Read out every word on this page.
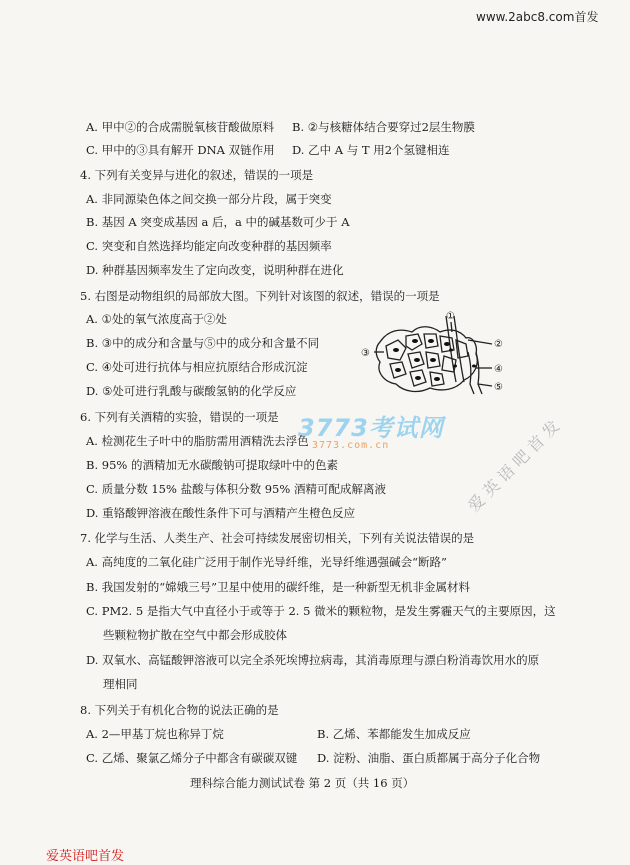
www.2abc8.com首发
A. 甲中②的合成需脱氧核苷酸做原料 B. ②与核糖体结合要穿过2层生物膜
C. 甲中的③具有解开 DNA 双链作用 D. 乙中 A 与 T 用2个氢键相连
4. 下列有关变异与进化的叙述，错误的一项是
A. 非同源染色体之间交换一部分片段，属于突变
B. 基因 A 突变成基因 a 后，a 中的碱基数可少于 A
C. 突变和自然选择均能定向改变种群的基因频率
D. 种群基因频率发生了定向改变，说明种群在进化
5. 右图是动物组织的局部放大图。下列针对该图的叙述，错误的一项是
A. ①处的氧气浓度高于②处
B. ③中的成分和含量与⑤中的成分和含量不同
C. ④处可进行抗体与相应抗原结合形成沉淀
D. ⑤处可进行乳酸与碳酸氢钠的化学反应
①
②
③
④
⑤
3773考试网
3773.com.cn	爱英语吧首发
6. 下列有关酒精的实验，错误的一项是
A. 检测花生子叶中的脂肪需用酒精洗去浮色
B. 95% 的酒精加无水碳酸钠可提取绿叶中的色素
C. 质量分数 15% 盐酸与体积分数 95% 酒精可配成解离液
D. 重铬酸钾溶液在酸性条件下可与酒精产生橙色反应
7. 化学与生活、人类生产、社会可持续发展密切相关，下列有关说法错误的是
A. 高纯度的二氧化硅广泛用于制作光导纤维，光导纤维遇强碱会“断路”
B. 我国发射的“嫦娥三号”卫星中使用的碳纤维，是一种新型无机非金属材料
C. PM2. 5 是指大气中直径小于或等于 2. 5 微米的颗粒物，是发生雾霾天气的主要原因，这
些颗粒物扩散在空气中都会形成胶体
D. 双氧水、高锰酸钾溶液可以完全杀死埃博拉病毒，其消毒原理与漂白粉消毒饮用水的原
理相同
8. 下列关于有机化合物的说法正确的是
A. 2—甲基丁烷也称异丁烷	B. 乙烯、苯都能发生加成反应
C. 乙烯、聚氯乙烯分子中都含有碳碳双键 D. 淀粉、油脂、蛋白质都属于高分子化合物
理科综合能力测试试卷 第 2 页（共 16 页）
爱英语吧首发
